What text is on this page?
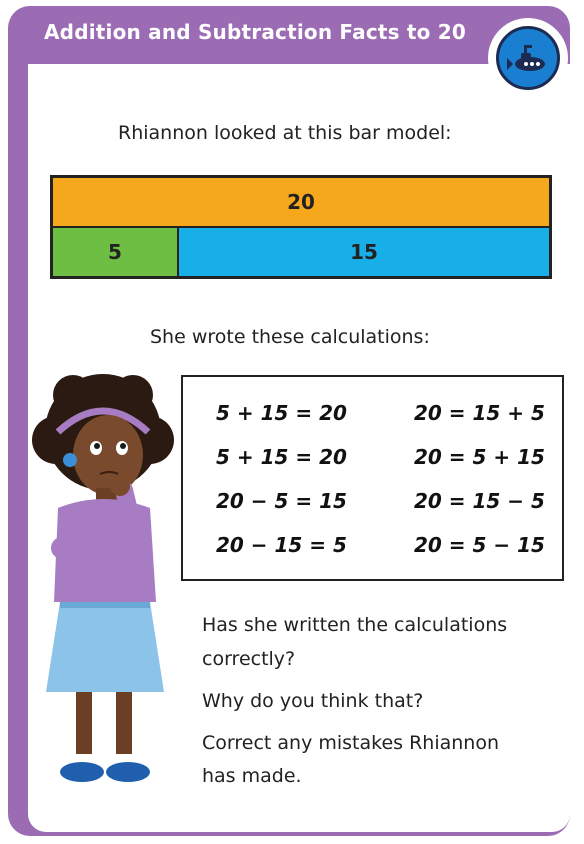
Addition and Subtraction Facts to 20
Rhiannon looked at this bar model:
20
5	15
She wrote these calculations:
5 + 15 = 20
5 + 15 = 20
20 − 5 = 15
20 − 15 = 5
20 = 15 + 5
20 = 5 + 15
20 = 15 − 5
20 = 5 − 15
Has she written the calculations
correctly?
Why do you think that?
Correct any mistakes Rhiannon
has made.
